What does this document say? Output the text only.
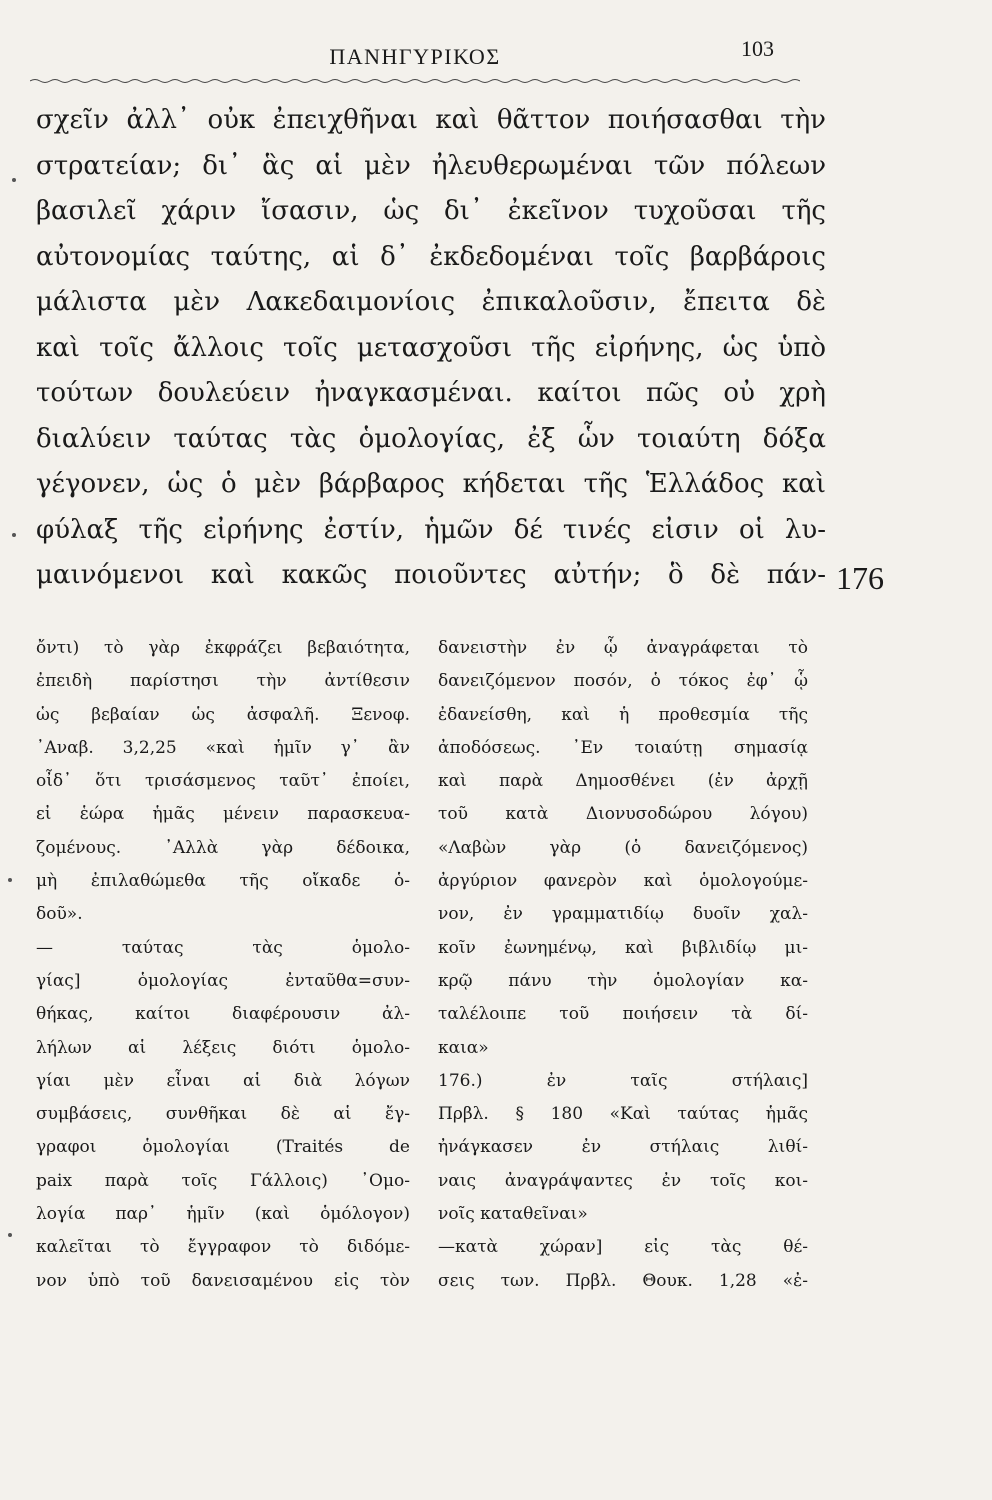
ΠΑΝΗΓΥΡΙΚΟΣ	103
σχεῖν ἀλλ᾽ οὐκ ἐπειχθῆναι καὶ θᾶττον ποιήσασθαι τὴν
στρατείαν; δι᾽ ἃς αἱ μὲν ἠλευθερωμέναι τῶν πόλεων
βασιλεῖ χάριν ἴσασιν, ὡς δι᾽ ἐκεῖνον τυχοῦσαι τῆς
αὐτονομίας ταύτης, αἱ δ᾽ ἐκδεδομέναι τοῖς βαρβάροις
μάλιστα μὲν Λακεδαιμονίοις ἐπικαλοῦσιν, ἔπειτα δὲ
καὶ τοῖς ἄλλοις τοῖς μετασχοῦσι τῆς εἰρήνης, ὡς ὑπὸ
τούτων δουλεύειν ἠναγκασμέναι. καίτοι πῶς οὐ χρὴ
διαλύειν ταύτας τὰς ὁμολογίας, ἐξ ὧν τοιαύτη δόξα
γέγονεν, ὡς ὁ μὲν βάρβαρος κήδεται τῆς Ἑλλάδος καὶ
φύλαξ τῆς εἰρήνης ἐστίν, ἡμῶν δέ τινές εἰσιν οἱ λυ-
μαινόμενοι καὶ κακῶς ποιοῦντες αὐτήν; ὃ δὲ πάν- 176
ὄντι) τὸ γὰρ ἐκφράζει βεβαιότητα,
ἐπειδὴ παρίστησι τὴν ἀντίθεσιν
ὡς βεβαίαν ὡς ἀσφαλῆ. Ξενοφ.
᾽Αναβ. 3,2,25 «καὶ ἡμῖν γ᾽ ἂν
οἶδ᾽ ὅτι τρισάσμενος ταῦτ᾽ ἐποίει,
εἰ ἑώρα ἡμᾶς μένειν παρασκευα-
ζομένους. ᾽Αλλὰ γὰρ δέδοικα,
μὴ ἐπιλαθώμεθα τῆς οἴκαδε ὁ-
δοῦ».
— ταύτας τὰς ὁμολο-
γίας] ὁμολογίας ἐνταῦθα=συν-
θήκας, καίτοι διαφέρουσιν ἀλ-
λήλων αἱ λέξεις διότι ὁμολο-
γίαι μὲν εἶναι αἱ διὰ λόγων
συμβάσεις, συνθῆκαι δὲ αἱ ἔγ-
γραφοι ὁμολογίαι (Traités de
paix παρὰ τοῖς Γάλλοις) ᾽Ομο-
λογία παρ᾽ ἡμῖν (καὶ ὁμόλογον)
καλεῖται τὸ ἔγγραφον τὸ διδόμε-
νον ὑπὸ τοῦ δανεισαμένου εἰς τὸν
δανειστὴν ἐν ᾧ ἀναγράφεται τὸ
δανειζόμενον ποσόν, ὁ τόκος ἐφ᾽ ᾧ
ἐδανείσθη, καὶ ἡ προθεσμία τῆς
ἀποδόσεως. ᾽Εν τοιαύτῃ σημασίᾳ
καὶ παρὰ Δημοσθένει (ἐν ἀρχῇ
τοῦ κατὰ Διονυσοδώρου λόγου)
«Λαβὼν γὰρ (ὁ δανειζόμενος)
ἀργύριον φανερὸν καὶ ὁμολογούμε-
νον, ἐν γραμματιδίῳ δυοῖν χαλ-
κοῖν ἐωνημένῳ, καὶ βιβλιδίῳ μι-
κρῷ πάνυ τὴν ὁμολογίαν κα-
ταλέλοιπε τοῦ ποιήσειν τὰ δί-
καια»
176.) ἐν ταῖς στήλαις]
Πρβλ. § 180 «Καὶ ταύτας ἡμᾶς
ἠνάγκασεν ἐν στήλαις λιθί-
ναις ἀναγράψαντες ἐν τοῖς κοι-
νοῖς καταθεῖναι»
—κατὰ χώραν] εἰς τὰς θέ-
σεις των. Πρβλ. Θουκ. 1,28 «ἐ-
